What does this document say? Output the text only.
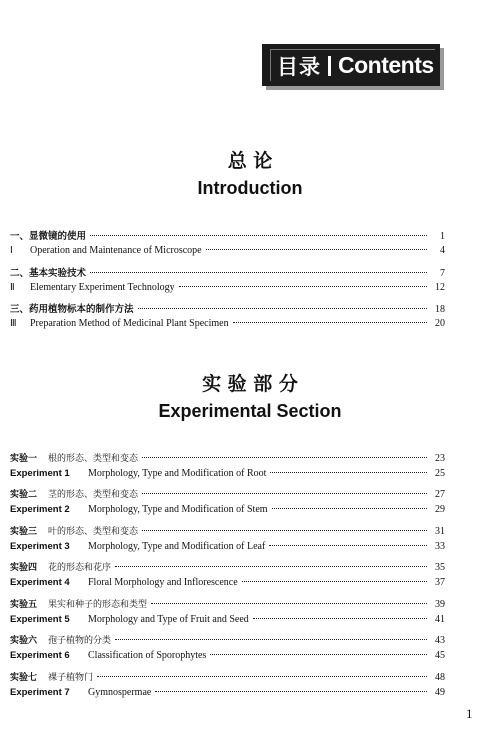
目录 Contents
总 论
Introduction
一、显微镜的使用	1
Ⅰ	Operation and Maintenance of Microscope	4
二、基本实验技术	7
Ⅱ	Elementary Experiment Technology	12
三、药用植物标本的制作方法	18
Ⅲ	Preparation Method of Medicinal Plant Specimen	20
实 验 部 分
Experimental Section
实验一	根的形态、类型和变态	23
Experiment 1	Morphology, Type and Modification of Root	25
实验二	茎的形态、类型和变态	27
Experiment 2	Morphology, Type and Modification of Stem	29
实验三	叶的形态、类型和变态	31
Experiment 3	Morphology, Type and Modification of Leaf	33
实验四	花的形态和花序	35
Experiment 4	Floral Morphology and Inflorescence	37
实验五	果实和种子的形态和类型	39
Experiment 5	Morphology and Type of Fruit and Seed	41
实验六	孢子植物的分类	43
Experiment 6	Classification of Sporophytes	45
实验七	裸子植物门	48
Experiment 7	Gymnospermae	49
1
